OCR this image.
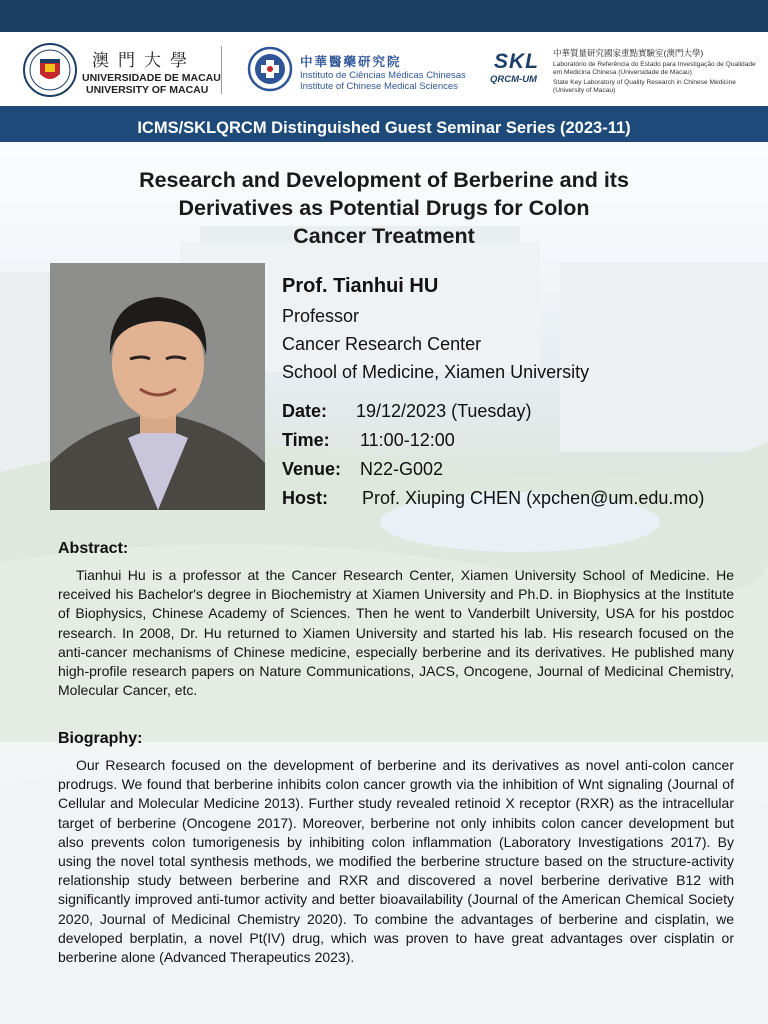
澳門大學
UNIVERSIDADE DE MACAU
UNIVERSITY OF MACAU
中華醫藥研究院
Instituto de Ciências Médicas Chinesas
Institute of Chinese Medical Sciences
SKL
QRCM-UM
中華質量研究國家重點實驗室(澳門大學)
Laboratório de Referência do Estado para Investigação de Qualidade em Medicina Chinesa (Universidade de Macau)
State Key Laboratory of Quality Research in Chinese Medicine (University of Macau)
ICMS/SKLQRCM Distinguished Guest Seminar Series (2023-11)
Research and Development of Berberine and its
Derivatives as Potential Drugs for Colon
Cancer Treatment

Prof. Tianhui HU

Professor
Cancer Research Center
School of Medicine, Xiamen University
Date: 19/12/2023 (Tuesday)
Time: 11:00-12:00
Venue: N22-G002
Host: Prof. Xiuping CHEN (xpchen@um.edu.mo)
Abstract:

Tianhui Hu is a professor at the Cancer Research Center, Xiamen University School of Medicine. He received his Bachelor's degree in Biochemistry at Xiamen University and Ph.D. in Biophysics at the Institute of Biophysics, Chinese Academy of Sciences. Then he went to Vanderbilt University, USA for his postdoc research. In 2008, Dr. Hu returned to Xiamen University and started his lab. His research focused on the anti-cancer mechanisms of Chinese medicine, especially berberine and its derivatives. He published many high-profile research papers on Nature Communications, JACS, Oncogene, Journal of Medicinal Chemistry, Molecular Cancer, etc.

Biography:

Our Research focused on the development of berberine and its derivatives as novel anti-colon cancer prodrugs. We found that berberine inhibits colon cancer growth via the inhibition of Wnt signaling (Journal of Cellular and Molecular Medicine 2013). Further study revealed retinoid X receptor (RXR) as the intracellular target of berberine (Oncogene 2017). Moreover, berberine not only inhibits colon cancer development but also prevents colon tumorigenesis by inhibiting colon inflammation (Laboratory Investigations 2017). By using the novel total synthesis methods, we modified the berberine structure based on the structure-activity relationship study between berberine and RXR and discovered a novel berberine derivative B12 with significantly improved anti-tumor activity and better bioavailability (Journal of the American Chemical Society 2020, Journal of Medicinal Chemistry 2020). To combine the advantages of berberine and cisplatin, we developed berplatin, a novel Pt(IV) drug, which was proven to have great advantages over cisplatin or berberine alone (Advanced Therapeutics 2023).
